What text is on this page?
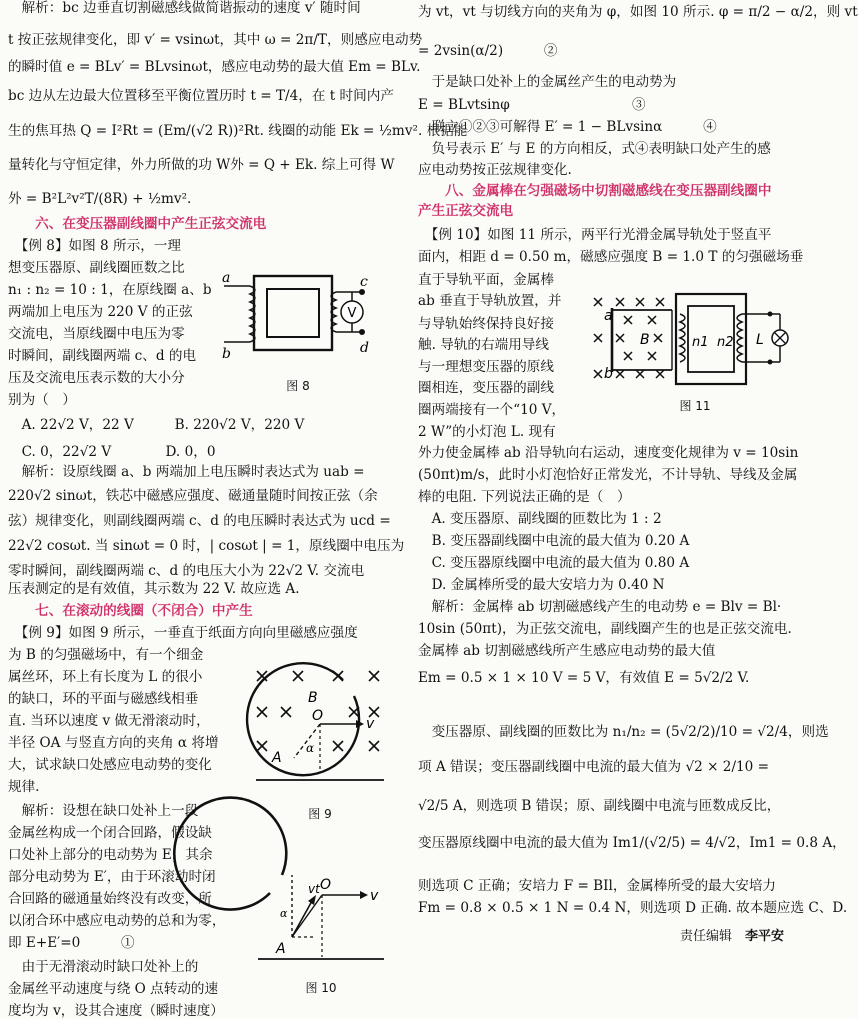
　解析：bc 边垂直切割磁感线做简谐振动的速度 v′ 随时间
t 按正弦规律变化，即 v′ = vsinωt，其中 ω = 2π/T，则感应电动势
的瞬时值 e = BLv′ = BLvsinωt，感应电动势的最大值 Em = BLv.
bc 边从左边最大位置移至平衡位置历时 t = T/4，在 t 时间内产
生的焦耳热 Q = I²Rt = (Em/(√2 R))²Rt. 线圈的动能 Ek = ½mv². 根据能
量转化与守恒定律，外力所做的功 W外 = Q + Ek. 综上可得 W
外 = B²L²v²T/(8R) + ½mv².
　　六、在变压器副线圈中产生正弦交流电
　【例 8】如图 8 所示，一理
想变压器原、副线圈匝数之比
n₁ : n₂ = 10 : 1，在原线圈 a、b
两端加上电压为 220 V 的正弦
交流电，当原线圈中电压为零
时瞬间，副线圈两端 c、d 的电
压及交流电压表示数的大小分
别为（　）
　A. 22√2 V，22 V　　　B. 220√2 V，220 V
　C. 0，22√2 V　　　　D. 0，0
　解析：设原线圈 a、b 两端加上电压瞬时表达式为 uab =
220√2 sinωt，铁芯中磁感应强度、磁通量随时间按正弦（余
弦）规律变化，则副线圈两端 c、d 的电压瞬时表达式为 ucd =
22√2 cosωt. 当 sinωt = 0 时，| cosωt | = 1，原线圈中电压为
零时瞬间，副线圈两端 c、d 的电压大小为 22√2 V. 交流电
压表测定的是有效值，其示数为 22 V. 故应选 A.
　　七、在滚动的线圈（不闭合）中产生
　【例 9】如图 9 所示，一垂直于纸面方向向里磁感应强度
为 B 的匀强磁场中，有一个细金
属丝环，环上有长度为 L 的很小
的缺口，环的平面与磁感线相垂
直. 当环以速度 v 做无滑滚动时，
半径 OA 与竖直方向的夹角 α 将增
大，试求缺口处感应电动势的变化
规律.
　解析：设想在缺口处补上一段
金属丝构成一个闭合回路，假设缺
口处补上部分的电动势为 E，其余
部分电动势为 E′，由于环滚动时闭
合回路的磁通量始终没有改变，所
以闭合环中感应电动势的总和为零，
即 E+E′=0　　　①
　由于无滑滚动时缺口处补上的
金属丝平动速度与绕 O 点转动的速
度均为 v，设其合速度（瞬时速度）
为 vt，vt 与切线方向的夹角为 φ，如图 10 所示. φ = π/2 − α/2，则 vt
= 2vsin(α/2)　　　②
　于是缺口处补上的金属丝产生的电动势为
E = BLvtsinφ　　　　　　　　　③
　联立①②③可解得 E′ = 1 − BLvsinα　　　④
　负号表示 E′ 与 E 的方向相反，式④表明缺口处产生的感
应电动势按正弦规律变化.
　　八、金属棒在匀强磁场中切割磁感线在变压器副线圈中
产生正弦交流电
　【例 10】如图 11 所示，两平行光滑金属导轨处于竖直平
面内，相距 d = 0.50 m，磁感应强度 B = 1.0 T 的匀强磁场垂
直于导轨平面，金属棒
ab 垂直于导轨放置，并
与导轨始终保持良好接
触. 导轨的右端用导线
与一理想变压器的原线
圈相连，变压器的副线
圈两端接有一个“10 V，
2 W”的小灯泡 L. 现有
外力使金属棒 ab 沿导轨向右运动，速度变化规律为 v = 10sin
(50πt)m/s，此时小灯泡恰好正常发光，不计导轨、导线及金属
棒的电阻. 下列说法正确的是（　）
　A. 变压器原、副线圈的匝数比为 1 : 2
　B. 变压器副线圈中电流的最大值为 0.20 A
　C. 变压器原线圈中电流的最大值为 0.80 A
　D. 金属棒所受的最大安培力为 0.40 N
　解析：金属棒 ab 切割磁感线产生的电动势 e = Blv = Bl·
10sin (50πt)，为正弦交流电，副线圈产生的也是正弦交流电.
金属棒 ab 切割磁感线所产生感应电动势的最大值
Em = 0.5 × 1 × 10 V = 5 V，有效值 E = 5√2/2 V.
　变压器原、副线圈的匝数比为 n₁/n₂ = (5√2/2)/10 = √2/4，则选
项 A 错误；变压器副线圈中电流的最大值为 √2 × 2/10 =
√2/5 A，则选项 B 错误；原、副线圈中电流与匝数成反比，
变压器原线圈中电流的最大值为 Im1/(√2/5) = 4/√2，Im1 = 0.8 A，
则选项 C 正确；安培力 F = BIl，金属棒所受的最大安培力
Fm = 0.8 × 0.5 × 1 N = 0.4 N，则选项 D 正确. 故本题应选 C、D.
V
a
b
c
d
图 8
O
B
A
α
v
图 9
O
A
vt	v
α
图 10
a
b
B	n1 n2 L
图 11
责任编辑　 李平安
